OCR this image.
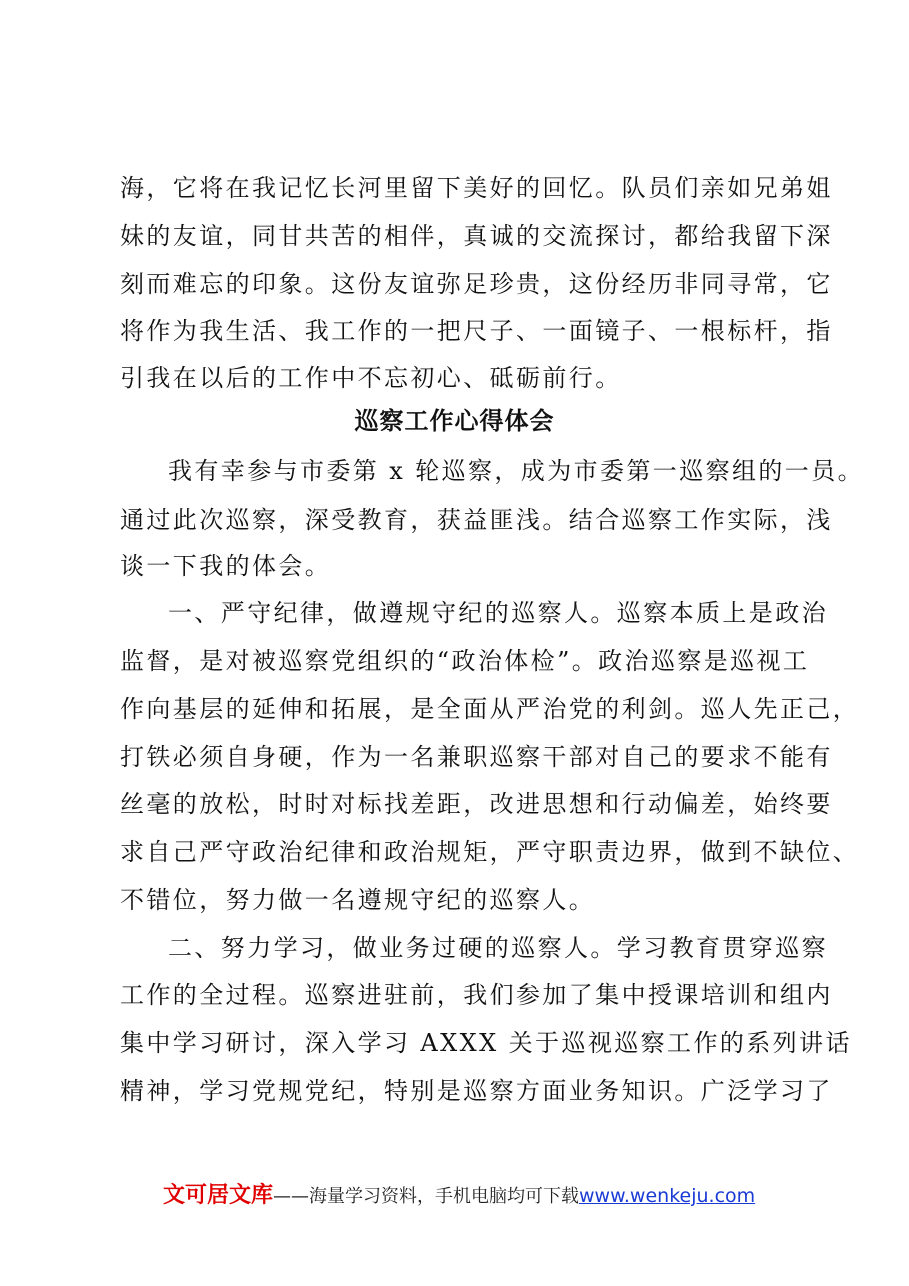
海，它将在我记忆长河里留下美好的回忆。队员们亲如兄弟姐
妹的友谊，同甘共苦的相伴，真诚的交流探讨，都给我留下深
刻而难忘的印象。这份友谊弥足珍贵，这份经历非同寻常，它
将作为我生活、我工作的一把尺子、一面镜子、一根标杆，指
引我在以后的工作中不忘初心、砥砺前行。
巡察工作心得体会
我有幸参与市委第 x 轮巡察，成为市委第一巡察组的一员。
通过此次巡察，深受教育，获益匪浅。结合巡察工作实际，浅
谈一下我的体会。
一、严守纪律，做遵规守纪的巡察人。巡察本质上是政治
监督，是对被巡察党组织的“政治体检”。政治巡察是巡视工
作向基层的延伸和拓展，是全面从严治党的利剑。巡人先正己，
打铁必须自身硬，作为一名兼职巡察干部对自己的要求不能有
丝毫的放松，时时对标找差距，改进思想和行动偏差，始终要
求自己严守政治纪律和政治规矩，严守职责边界，做到不缺位、
不错位，努力做一名遵规守纪的巡察人。
二、努力学习，做业务过硬的巡察人。学习教育贯穿巡察
工作的全过程。巡察进驻前，我们参加了集中授课培训和组内
集中学习研讨，深入学习 AXXX 关于巡视巡察工作的系列讲话
精神，学习党规党纪，特别是巡察方面业务知识。广泛学习了
文可居文库——海量学习资料，手机电脑均可下载www.wenkeju.com
